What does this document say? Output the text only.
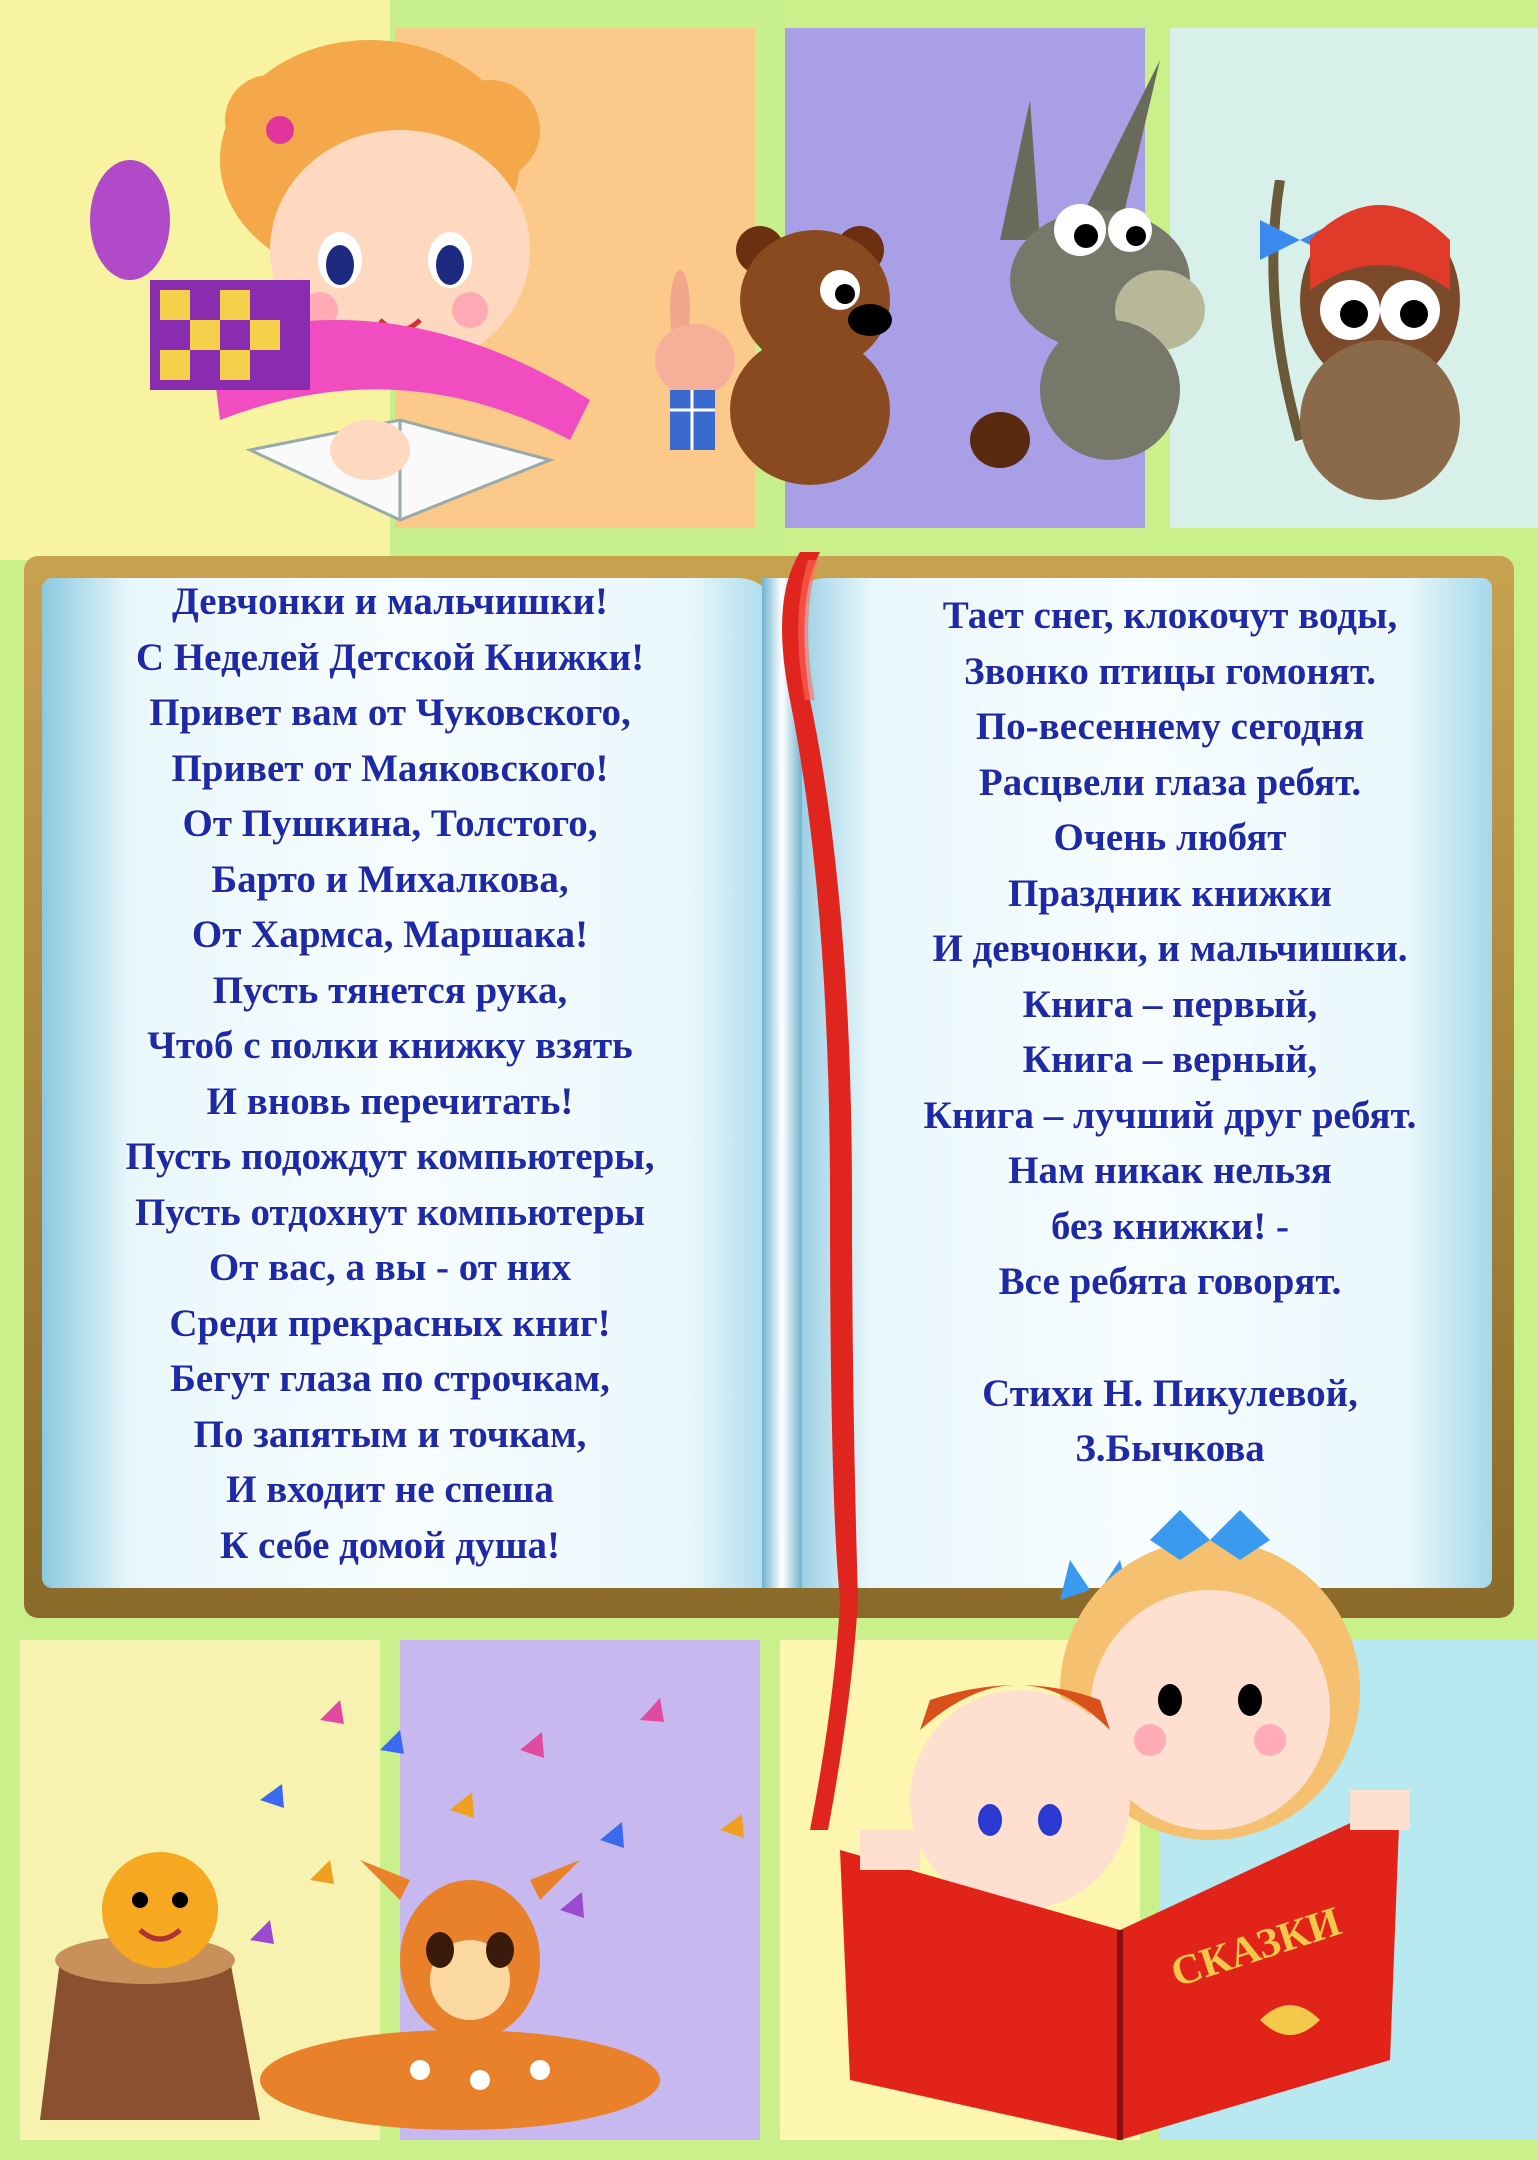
Девчонки и мальчишки!
С Неделей Детской Книжки!
Привет вам от Чуковского,
Привет от Маяковского!
От Пушкина, Толстого,
Барто и Михалкова,
От Хармса, Маршака!
Пусть тянется рука,
Чтоб с полки книжку взять
И вновь перечитать!
Пусть подождут компьютеры,
Пусть отдохнут компьютеры
От вас, а вы - от них
Среди прекрасных книг!
Бегут глаза по строчкам,
По запятым и точкам,
И входит не спеша
К себе домой душа!
Тает снег, клокочут воды,
Звонко птицы гомонят.
По-весеннему сегодня
Расцвели глаза ребят.
Очень любят
Праздник книжки
И девчонки, и мальчишки.
Книга – первый,
Книга – верный,
Книга – лучший друг ребят.
Нам никак нельзя
без книжки! -
Все ребята говорят.
Стихи Н. Пикулевой,
З.Бычкова
СКАЗКИ
